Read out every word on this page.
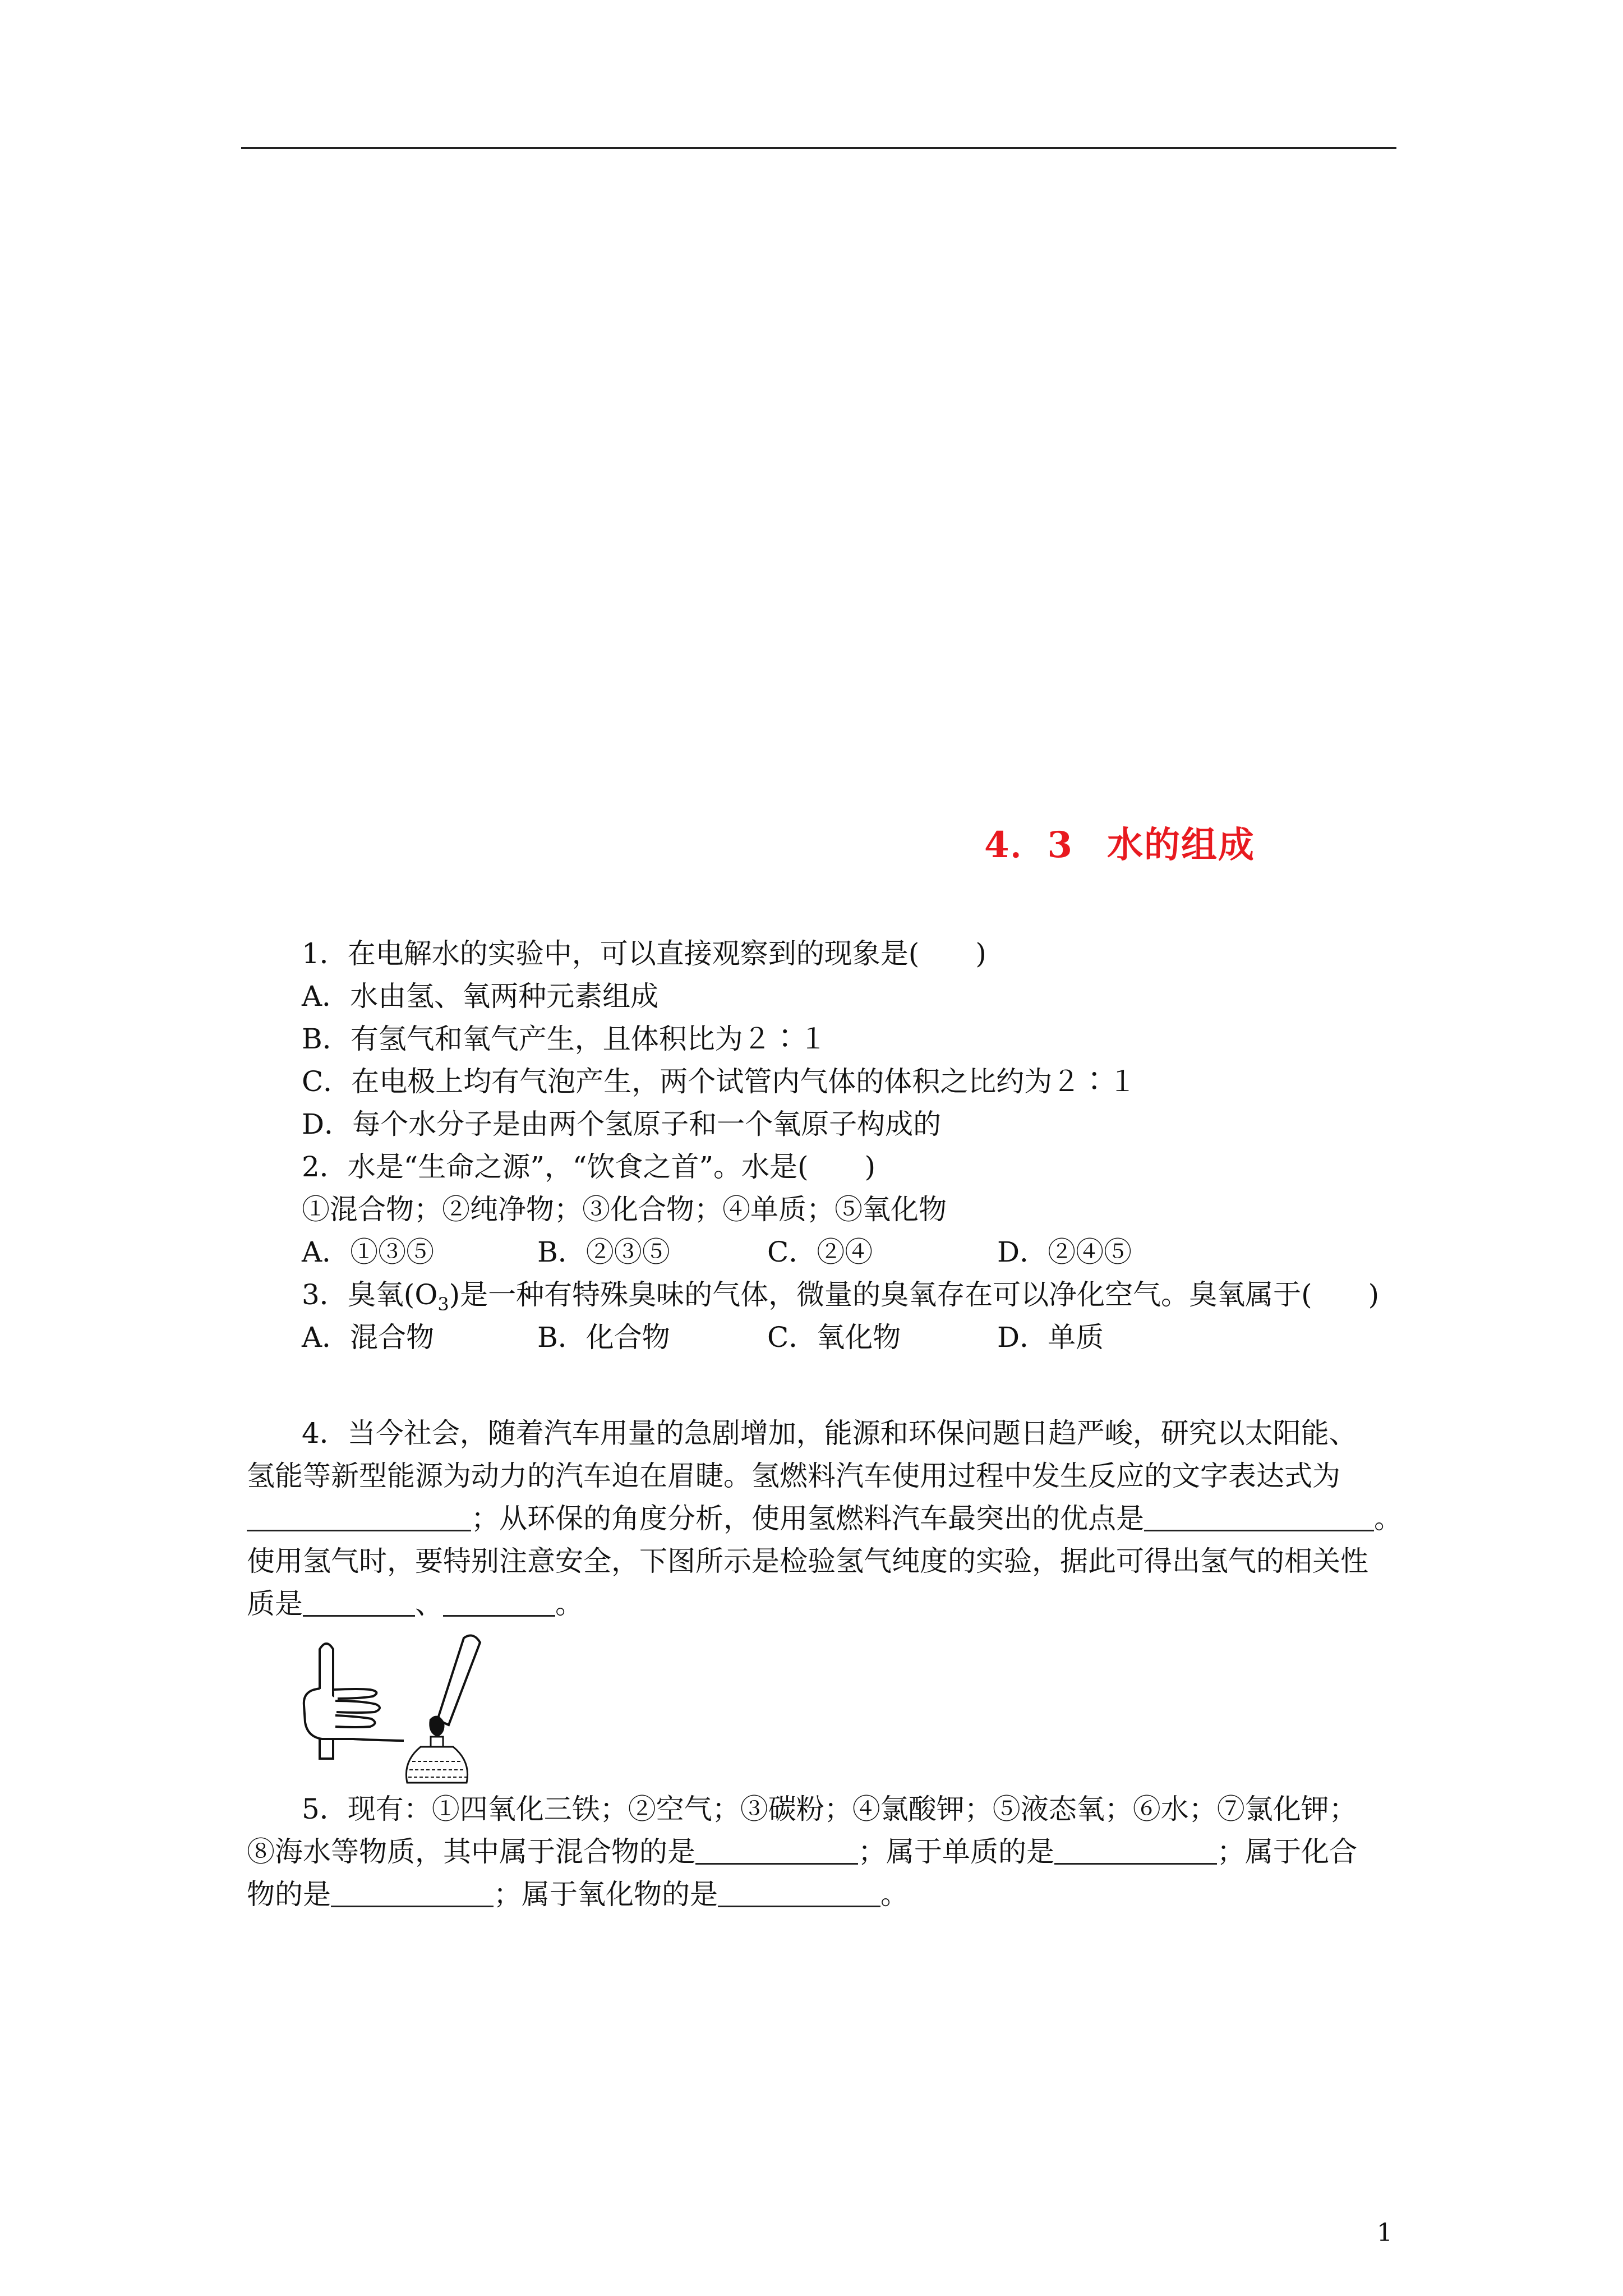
4．3 水的组成
1．在电解水的实验中，可以直接观察到的现象是(　　)
A．水由氢、氧两种元素组成
B．有氢气和氧气产生，且体积比为２∶１
C．在电极上均有气泡产生，两个试管内气体的体积之比约为２∶１
D．每个水分子是由两个氢原子和一个氧原子构成的
2．水是“生命之源”，“饮食之首”。水是(　　)
①混合物；②纯净物；③化合物；④单质；⑤氧化物
A．①③⑤	B．②③⑤	C．②④	D．②④⑤
3．臭氧$(O_3)$是一种有特殊臭味的气体，微量的臭氧存在可以净化空气。臭氧属于(　　)
A．混合物	B．化合物	C．氧化物	D．单质
4．当今社会，随着汽车用量的急剧增加，能源和环保问题日趋严峻，研究以太阳能、
氢能等新型能源为动力的汽车迫在眉睫。氢燃料汽车使用过程中发生反应的文字表达式为
；从环保的角度分析，使用氢燃料汽车最突出的优点是	。
使用氢气时，要特别注意安全，下图所示是检验氢气纯度的实验，据此可得出氢气的相关性
质是	、	。
5．现有：①四氧化三铁；②空气；③碳粉；④氯酸钾；⑤液态氧；⑥水；⑦氯化钾；
⑧海水等物质，其中属于混合物的是	；属于单质的是	；属于化合
物的是	；属于氧化物的是	。
1
